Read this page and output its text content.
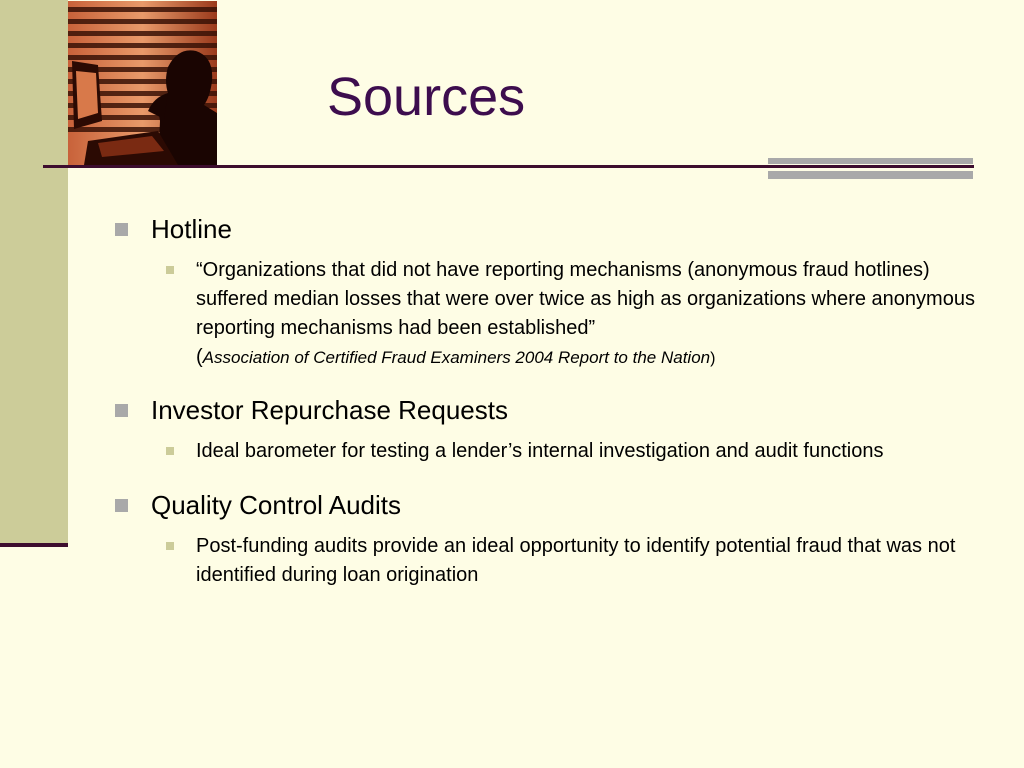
Sources
Hotline
“Organizations that did not have reporting mechanisms (anonymous fraud hotlines) suffered median losses that were over twice as high as organizations where anonymous reporting mechanisms had been established”
(Association of Certified Fraud Examiners 2004 Report to the Nation)
Investor Repurchase Requests
Ideal barometer for testing a lender’s internal investigation and audit functions
Quality Control Audits
Post-funding audits provide an ideal opportunity to identify potential fraud that was not identified during loan origination
